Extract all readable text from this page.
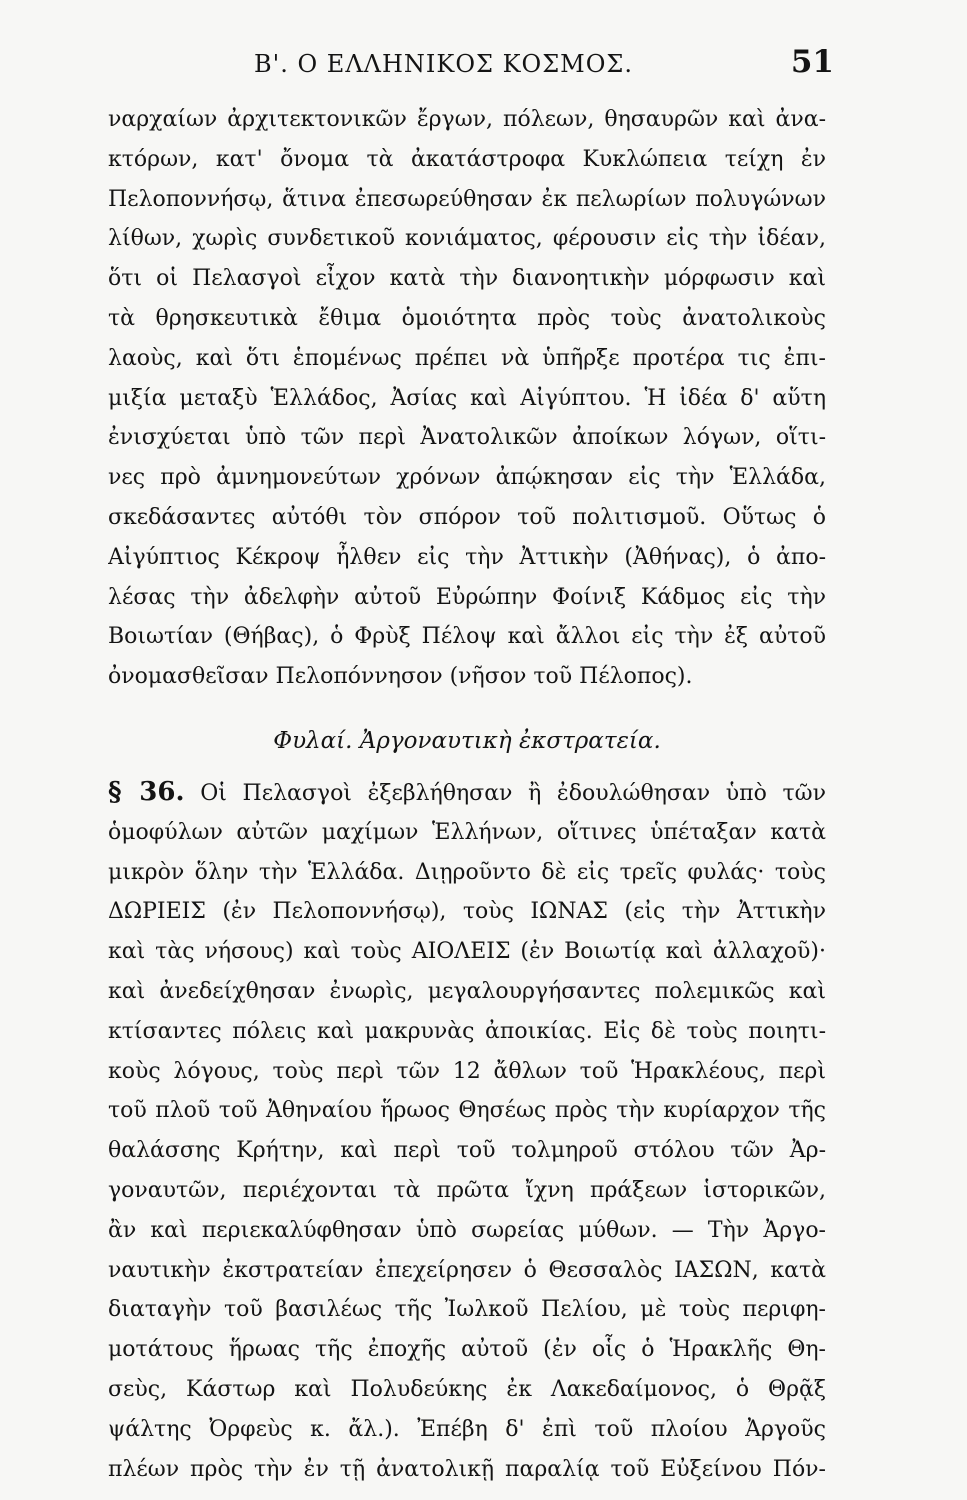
Β'. Ο ΕΛΛΗΝΙΚΟΣ ΚΟΣΜΟΣ.	51
ναρχαίων ἀρχιτεκτονικῶν ἔργων, πόλεων, θησαυρῶν καὶ ἀνα-
κτόρων, κατ' ὄνομα τὰ ἀκατάστροφα Κυκλώπεια τείχη ἐν
Πελοποννήσῳ, ἅτινα ἐπεσωρεύθησαν ἐκ πελωρίων πολυγώνων
λίθων, χωρὶς συνδετικοῦ κονιάματος, φέρουσιν εἰς τὴν ἰδέαν,
ὅτι οἱ Πελασγοὶ εἶχον κατὰ τὴν διανοητικὴν μόρφωσιν καὶ
τὰ θρησκευτικὰ ἔθιμα ὁμοιότητα πρὸς τοὺς ἀνατολικοὺς
λαοὺς, καὶ ὅτι ἑπομένως πρέπει νὰ ὑπῆρξε προτέρα τις ἐπι-
μιξία μεταξὺ Ἑλλάδος, Ἀσίας καὶ Αἰγύπτου. Ἡ ἰδέα δ' αὕτη
ἐνισχύεται ὑπὸ τῶν περὶ Ἀνατολικῶν ἀποίκων λόγων, οἵτι-
νες πρὸ ἀμνημονεύτων χρόνων ἀπῴκησαν εἰς τὴν Ἑλλάδα,
σκεδάσαντες αὐτόθι τὸν σπόρον τοῦ πολιτισμοῦ. Οὕτως ὁ
Αἰγύπτιος Κέκροψ ἦλθεν εἰς τὴν Ἀττικὴν (Ἀθήνας), ὁ ἀπο-
λέσας τὴν ἀδελφὴν αὐτοῦ Εὐρώπην Φοίνιξ Κάδμος εἰς τὴν
Βοιωτίαν (Θήβας), ὁ Φρὺξ Πέλοψ καὶ ἄλλοι εἰς τὴν ἐξ αὐτοῦ
ὀνομασθεῖσαν Πελοπόννησον (νῆσον τοῦ Πέλοπος).
Φυλαί. Ἀργοναυτικὴ ἐκστρατεία.
§ 36. Οἱ Πελασγοὶ ἐξεβλήθησαν ἢ ἐδουλώθησαν ὑπὸ τῶν
ὁμοφύλων αὐτῶν μαχίμων Ἑλλήνων, οἵτινες ὑπέταξαν κατὰ
μικρὸν ὅλην τὴν Ἑλλάδα. Διῃροῦντο δὲ εἰς τρεῖς φυλάς· τοὺς
ΔΩΡΙΕΙΣ (ἐν Πελοποννήσῳ), τοὺς ΙΩΝΑΣ (εἰς τὴν Ἀττικὴν
καὶ τὰς νήσους) καὶ τοὺς ΑΙΟΛΕΙΣ (ἐν Βοιωτίᾳ καὶ ἀλλαχοῦ)·
καὶ ἀνεδείχθησαν ἐνωρὶς, μεγαλουργήσαντες πολεμικῶς καὶ
κτίσαντες πόλεις καὶ μακρυνὰς ἀποικίας. Εἰς δὲ τοὺς ποιητι-
κοὺς λόγους, τοὺς περὶ τῶν 12 ἄθλων τοῦ Ἡρακλέους, περὶ
τοῦ πλοῦ τοῦ Ἀθηναίου ἥρωος Θησέως πρὸς τὴν κυρίαρχον τῆς
θαλάσσης Κρήτην, καὶ περὶ τοῦ τολμηροῦ στόλου τῶν Ἀρ-
γοναυτῶν, περιέχονται τὰ πρῶτα ἴχνη πράξεων ἱστορικῶν,
ἂν καὶ περιεκαλύφθησαν ὑπὸ σωρείας μύθων. — Τὴν Ἀργο-
ναυτικὴν ἐκστρατείαν ἐπεχείρησεν ὁ Θεσσαλὸς ΙΑΣΩΝ, κατὰ
διαταγὴν τοῦ βασιλέως τῆς Ἰωλκοῦ Πελίου, μὲ τοὺς περιφη-
μοτάτους ἥρωας τῆς ἐποχῆς αὐτοῦ (ἐν οἷς ὁ Ἡρακλῆς Θη-
σεὺς, Κάστωρ καὶ Πολυδεύκης ἐκ Λακεδαίμονος, ὁ Θρᾷξ
ψάλτης Ὀρφεὺς κ. ἄλ.). Ἐπέβη δ' ἐπὶ τοῦ πλοίου Ἀργοῦς
πλέων πρὸς τὴν ἐν τῇ ἀνατολικῇ παραλίᾳ τοῦ Εὐξείνου Πόν-
